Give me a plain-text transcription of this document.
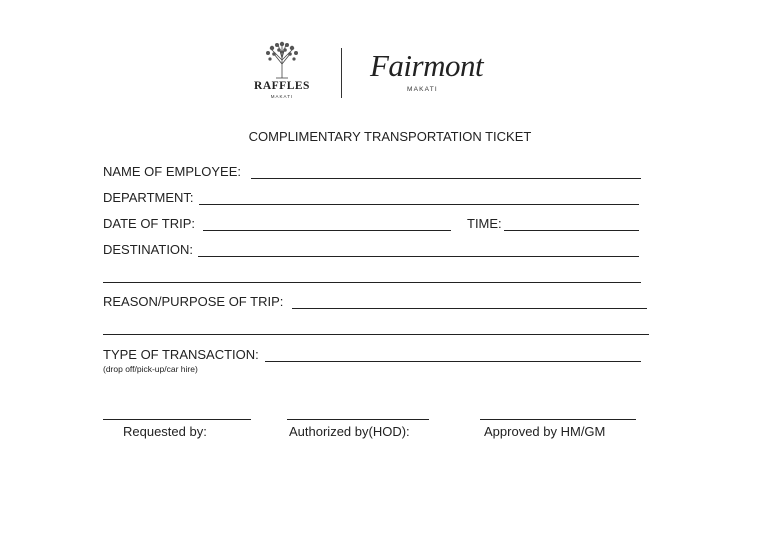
RAFFLES
MAKATI
Fairmont
MAKATI
COMPLIMENTARY TRANSPORTATION TICKET
NAME OF EMPLOYEE:
DEPARTMENT:
DATE OF TRIP:	TIME:
DESTINATION:
REASON/PURPOSE OF TRIP:
TYPE OF TRANSACTION:
(drop off/pick-up/car hire)
Requested by:	Authorized by(HOD):	Approved by HM/GM
